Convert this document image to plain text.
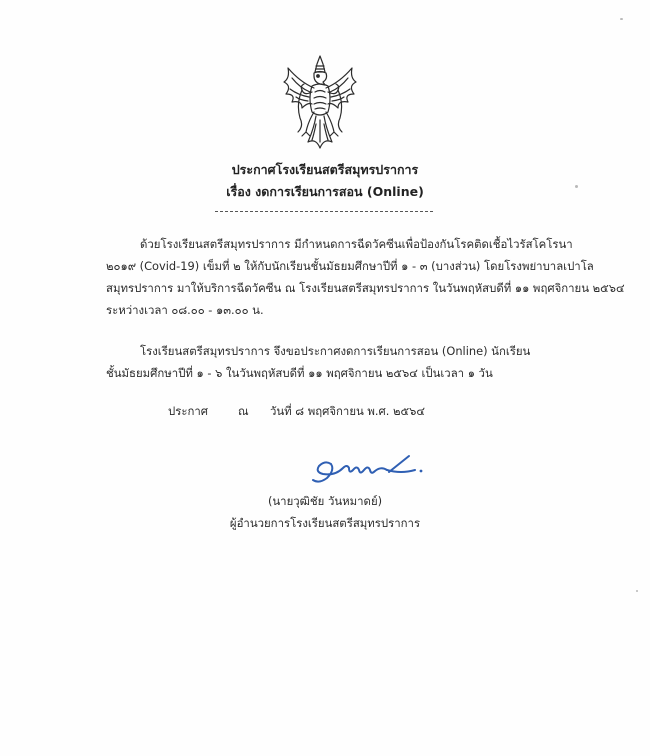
ประกาศโรงเรียนสตรีสมุทรปราการ
เรื่อง งดการเรียนการสอน (Online)
ด้วยโรงเรียนสตรีสมุทรปราการ มีกำหนดการฉีดวัคซีนเพื่อป้องกันโรคติดเชื้อไวรัสโคโรนา
๒๐๑๙ (Covid-19) เข็มที่ ๒ ให้กับนักเรียนชั้นมัธยมศึกษาปีที่ ๑ - ๓ (บางส่วน) โดยโรงพยาบาลเปาโล
สมุทรปราการ มาให้บริการฉีดวัคซีน ณ โรงเรียนสตรีสมุทรปราการ ในวันพฤหัสบดีที่ ๑๑ พฤศจิกายน ๒๕๖๔
ระหว่างเวลา ๐๘.๐๐ - ๑๓.๐๐ น.
โรงเรียนสตรีสมุทรปราการ จึงขอประกาศงดการเรียนการสอน (Online) นักเรียน
ชั้นมัธยมศึกษาปีที่ ๑ - ๖ ในวันพฤหัสบดีที่ ๑๑ พฤศจิกายน ๒๕๖๔ เป็นเวลา ๑ วัน
ประกาศ	ณ วันที่ ๘ พฤศจิกายน พ.ศ. ๒๕๖๔
(นายวุฒิชัย วันหมาดย์)
ผู้อำนวยการโรงเรียนสตรีสมุทรปราการ
